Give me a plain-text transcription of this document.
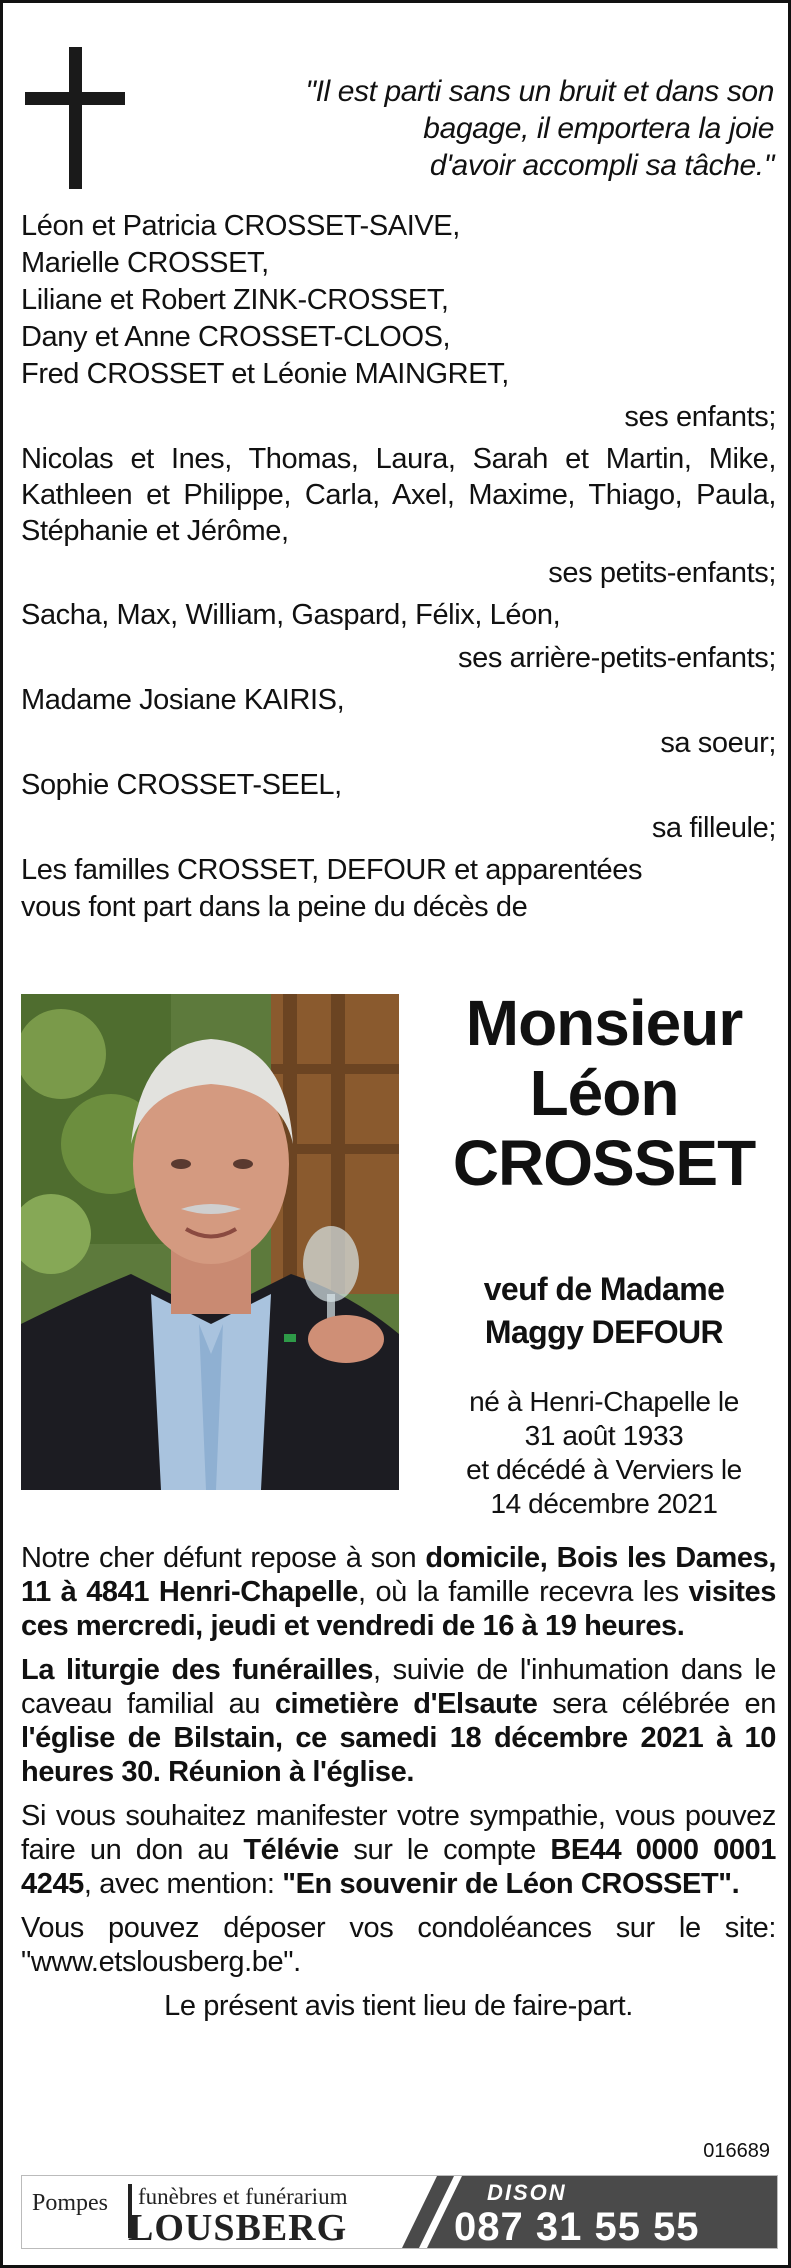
"Il est parti sans un bruit et dans son
bagage, il emportera la joie
d'avoir accompli sa tâche."
Léon et Patricia CROSSET-SAIVE,
Marielle CROSSET,
Liliane et Robert ZINK-CROSSET,
Dany et Anne CROSSET-CLOOS,
Fred CROSSET et Léonie MAINGRET,
ses enfants;
Nicolas et Ines, Thomas, Laura, Sarah et Martin, Mike, Kathleen et Philippe, Carla, Axel, Maxime, Thiago, Paula, Stéphanie et Jérôme,
ses petits-enfants;
Sacha, Max, William, Gaspard, Félix, Léon,
ses arrière-petits-enfants;
Madame Josiane KAIRIS,
sa soeur;
Sophie CROSSET-SEEL,
sa filleule;
Les familles CROSSET, DEFOUR et apparentées
vous font part dans la peine du décès de
Monsieur
Léon
CROSSET
veuf de Madame
Maggy DEFOUR
né à Henri-Chapelle le
31 août 1933
et décédé à Verviers le
14 décembre 2021

Notre cher défunt repose à son domicile, Bois les Dames, 11 à 4841 Henri-Chapelle, où la famille recevra les visites ces mercredi, jeudi et vendredi de 16 à 19 heures.

La liturgie des funérailles, suivie de l'inhumation dans le caveau familial au cimetière d'Elsaute sera célébrée en l'église de Bilstain, ce samedi 18 décembre 2021 à 10 heures 30. Réunion à l'église.

Si vous souhaitez manifester votre sympathie, vous pouvez faire un don au Télévie sur le compte BE44 0000 0001 4245, avec mention: "En souvenir de Léon CROSSET".

Vous pouvez déposer vos condoléances sur le site: "www.etslousberg.be".

Le présent avis tient lieu de faire-part.

016689
Pompes funèbres et funérarium
LOUSBERG
DISON
087 31 55 55
